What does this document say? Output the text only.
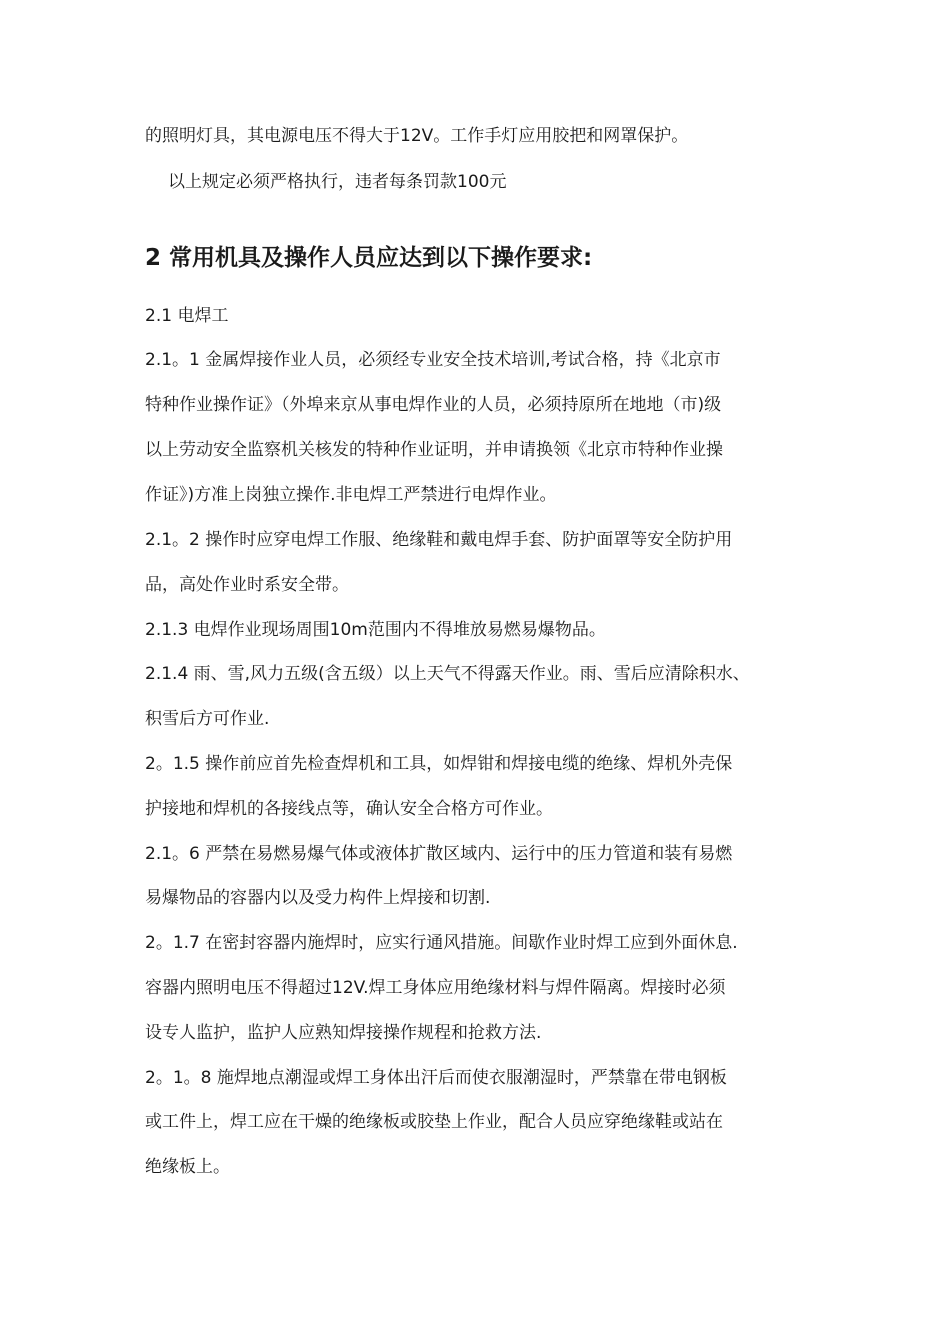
的照明灯具，其电源电压不得大于12V。工作手灯应用胶把和网罩保护。
以上规定必须严格执行，违者每条罚款100元
2 常用机具及操作人员应达到以下操作要求:
2.1 电焊工
2.1。1 金属焊接作业人员，必须经专业安全技术培训,考试合格，持《北京市
特种作业操作证》（外埠来京从事电焊作业的人员，必须持原所在地地（市)级
以上劳动安全监察机关核发的特种作业证明，并申请换领《北京市特种作业操
作证》)方准上岗独立操作.非电焊工严禁进行电焊作业。
2.1。2 操作时应穿电焊工作服、绝缘鞋和戴电焊手套、防护面罩等安全防护用
品，高处作业时系安全带。
2.1.3 电焊作业现场周围10m范围内不得堆放易燃易爆物品。
2.1.4 雨、雪,风力五级(含五级）以上天气不得露天作业。雨、雪后应清除积水、
积雪后方可作业.
2。1.5 操作前应首先检查焊机和工具，如焊钳和焊接电缆的绝缘、焊机外壳保
护接地和焊机的各接线点等，确认安全合格方可作业。
2.1。6 严禁在易燃易爆气体或液体扩散区域内、运行中的压力管道和装有易燃
易爆物品的容器内以及受力构件上焊接和切割.
2。1.7 在密封容器内施焊时，应实行通风措施。间歇作业时焊工应到外面休息.
容器内照明电压不得超过12V.焊工身体应用绝缘材料与焊件隔离。焊接时必须
设专人监护，监护人应熟知焊接操作规程和抢救方法.
2。1。8 施焊地点潮湿或焊工身体出汗后而使衣服潮湿时，严禁靠在带电钢板
或工件上，焊工应在干燥的绝缘板或胶垫上作业，配合人员应穿绝缘鞋或站在
绝缘板上。
